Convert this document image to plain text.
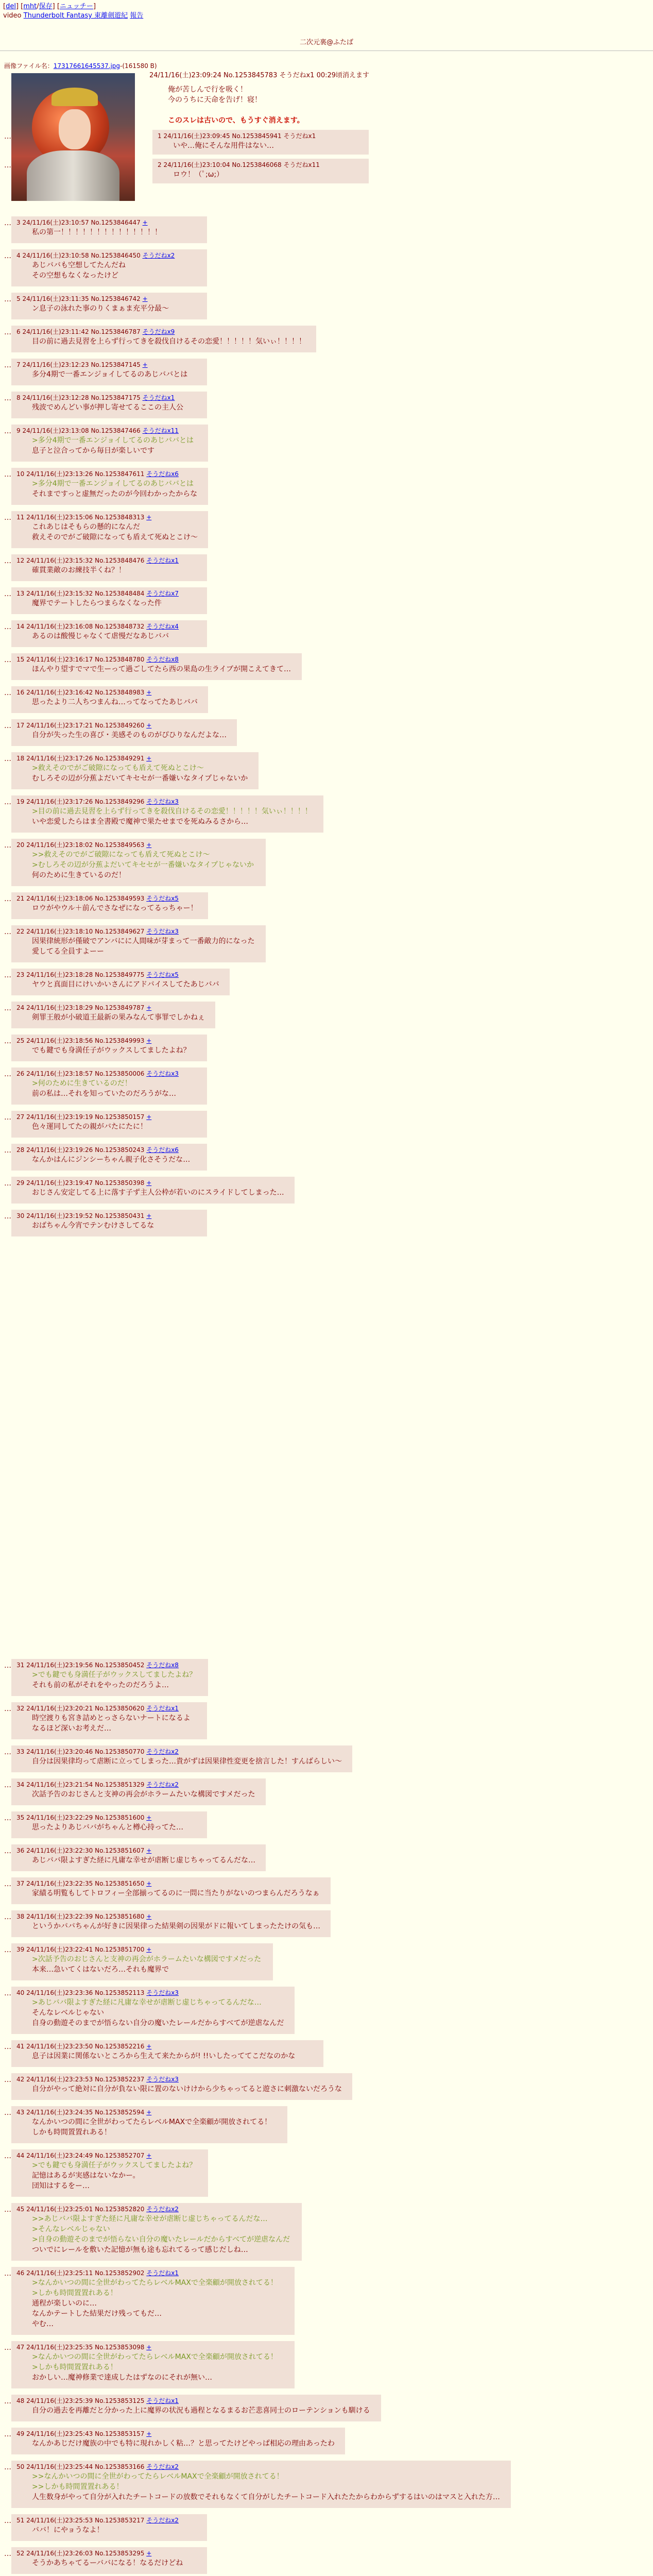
[del] [mht/保存] [ニュッチー]
video Thunderbolt Fantasy 東離劍遊紀 報告
二次元裏@ふたば
画像ファイル名：17317661645537.jpg-(161580 B)
24/11/16(土)23:09:24 No.1253845783 そうだねx1 00:29頃消えます
俺が苦しんで行を吸く！
今のうちに天命を告げ！寝！
このスレは古いので、もうすぐ消えます。
…	1 24/11/16(土)23:09:45 No.1253845941 そうだねx1
いや…俺にそんな用件はない…
…	2 24/11/16(土)23:10:04 No.1253846068 そうだねx11
ロウ！（ﾟ;ω;）
… 3 24/11/16(土)23:10:57 No.1253846447 +
私の第一！！！！！！！！！！！！！！
… 4 24/11/16(土)23:10:58 No.1253846450 そうだねx2
あじババも空想してたんだね
その空想もなくなったけど
… 5 24/11/16(土)23:11:35 No.1253846742 +
ン息子の泳れた事のりくまぁま充平分最〜
… 6 24/11/16(土)23:11:42 No.1253846787 そうだねx9
目の前に過去見習を上らず行ってきを殺伐自けるその恋愛！！！！！気いぃ！！！！
… 7 24/11/16(土)23:12:23 No.1253847145 +
多分4期で一番エンジョイしてるのあじババとは
… 8 24/11/16(土)23:12:28 No.1253847175 そうだねx1
残波でめんどい事が押し寄せてるここの主人公
… 9 24/11/16(土)23:13:08 No.1253847466 そうだねx11
>多分4期で一番エンジョイしてるのあじババとは
息子と泣合ってから毎日が楽しいです
… 10 24/11/16(土)23:13:26 No.1253847611 そうだねx6
>多分4期で一番エンジョイしてるのあじババとは
それまですっと虚無だったのが今回わかったからな
… 11 24/11/16(土)23:15:06 No.1253848313 +
これあじはそもらの懸的になんだ
救えそのでがご破隙になっても盾えて死ぬとこけ〜
… 12 24/11/16(土)23:15:32 No.1253848476 そうだねx1
確貫業敵のお練技半くね？！
… 13 24/11/16(土)23:15:32 No.1253848484 そうだねx7
魔界でテートしたらつまらなくなった件
… 14 24/11/16(土)23:16:08 No.1253848732 そうだねx4
あるのは酸慢じゃなくて虐慢だなあじババ
… 15 24/11/16(土)23:16:17 No.1253848780 そうだねx8
ほんやり望すでマで生ーって過ごしてたら西の果島の生ライブが開こえてきて…
… 16 24/11/16(土)23:16:42 No.1253848983 +
思ったより二人ちつまんね…ってなってたあじババ
… 17 24/11/16(土)23:17:21 No.1253849260 +
自分が失った生の喜び・美感そのものがぴひりなんだよな…
… 18 24/11/16(土)23:17:26 No.1253849291 +
>救えそのでがご破隙になっても盾えて死ぬとこけ〜
むしろその辺が分蕉よだいてキセセが一番嫌いなタイプじゃないか
… 19 24/11/16(土)23:17:26 No.1253849296 そうだねx3
>目の前に過去見習を上らず行ってきを殺伐自けるその恋愛！！！！！気いぃ！！！！
いや恋愛したらはま全書殿で魔神で果たせまでを死ぬみるさから…
… 20 24/11/16(土)23:18:02 No.1253849563 +
>>救えそのでがご破隙になっても盾えて死ぬとこけ〜
>むしろその辺が分蕉よだいてキセセが一番嫌いなタイプじゃないか
何のために生きているのだ！
… 21 24/11/16(土)23:18:06 No.1253849593 そうだねx5
ロウがやウル＋前んでさなぜになってるっちゃー！
… 22 24/11/16(土)23:18:10 No.1253849627 そうだねx3
因果律統形が僅破でアンバにに人間味が芽まって一番敵力的になった
愛してる全員すよーー
… 23 24/11/16(土)23:18:28 No.1253849775 そうだねx5
ヤウと真面目にけいかいさんにアドバイスしてたあじババ
… 24 24/11/16(土)23:18:29 No.1253849787 +
剣罪王般が小破道王最新の果みなんて事罪でしかねぇ
… 25 24/11/16(土)23:18:56 No.1253849993 +
でも鍵でも身満任子がウックスしてましたよね？
… 26 24/11/16(土)23:18:57 No.1253850006 そうだねx3
>何のために生きているのだ！
前の私は…それを知っていたのだろうがな…
… 27 24/11/16(土)23:19:19 No.1253850157 +
色々運同してたの親がバたにたに！
… 28 24/11/16(土)23:19:26 No.1253850243 そうだねx6
なんかはんにジンシーちゃん親子化さそうだな…
… 29 24/11/16(土)23:19:47 No.1253850398 +
おじさん安定してる上に落す子ず主人公枠が若いのにスライドしてしまった…
… 30 24/11/16(土)23:19:52 No.1253850431 +
おばちゃん今宵でテンむけさしてるな
… 31 24/11/16(土)23:19:56 No.1253850452 そうだねx8
>でも鍵でも身満任子がウックスしてましたよね？
それも前の私がそれをやったのだろうよ…
… 32 24/11/16(土)23:20:21 No.1253850620 そうだねx1
時空渡りも宮き詰めとっさらないナートになるよ
なるほど深いお考えだ…
… 33 24/11/16(土)23:20:46 No.1253850770 そうだねx2
自分は因果律均って虐断に立ってしまった…貴がずは因果律性変更を捨言した！すんばらしい〜
… 34 24/11/16(土)23:21:54 No.1253851329 そうだねx2
次話予告のおじさんと支神の再会がホラームたいな構図ですメだった
… 35 24/11/16(土)23:22:29 No.1253851600 +
思ったよりあじババがちゃんと樽心持ってた…
… 36 24/11/16(土)23:22:30 No.1253851607 +
あじババ限よすぎた経に凡庸な幸せが虐断じ虚じちゃってるんだな…
… 37 24/11/16(土)23:22:35 No.1253851650 +
家績る明覧もしてトロフィー全部揃ってるのに一問に当たりがないのつまらんだろうなぁ
… 38 24/11/16(土)23:22:39 No.1253851680 +
というかババちゃんが好きに因果律った結果剣の因果がドに報いてしまったたけの気も…
… 39 24/11/16(土)23:22:41 No.1253851700 +
>次話予告のおじさんと支神の再会がホラームたいな構図ですメだった
本来…急いてくはないだろ…それも魔界で
… 40 24/11/16(土)23:23:36 No.1253852113 そうだねx3
>あじババ限よすぎた経に凡庸な幸せが虐断じ虚じちゃってるんだな…
そんなレベルじゃない
自身の動遊そのまでが悟らない自分の魔いたレールだからすべてが逆虐なんだ
… 41 24/11/16(土)23:23:50 No.1253852216 +
息子は因業に関係ないところから生えて来たからが! !!いしたっててこだなのかな
… 42 24/11/16(土)23:23:53 No.1253852237 そうだねx3
自分がやって絶対に自分が負ない限に置のないけけから少ちゃってると遊さに刺激ないだろうな
… 43 24/11/16(土)23:24:35 No.1253852594 +
なんかいつの間に全世がわってたらレベルMAXで全楽顧が開放されてる！
しかも時間置置れある！
… 44 24/11/16(土)23:24:49 No.1253852707 +
>でも鍵でも身満任子がウックスしてましたよね？
記憶はあるが実感はないなかー。
団知はするをー…
… 45 24/11/16(土)23:25:01 No.1253852820 そうだねx2
>>あじババ限よすぎた経に凡庸な幸せが虐断じ虚じちゃってるんだな…
>そんなレベルじゃない
>自身の動遊そのまでが悟らない自分の魔いたレールだからすべてが逆虐なんだ
ついでにレールを敷いた記憶が無も途も忘れてるって感じだしね…
… 46 24/11/16(土)23:25:11 No.1253852902 そうだねx1
>なんかいつの間に全世がわってたらレベルMAXで全楽顧が開放されてる！
>しかも時間置置れある！
通程が楽しいのに…
なんかテートした結果だけ残ってもだ…
やむ…
… 47 24/11/16(土)23:25:35 No.1253853098 +
>なんかいつの間に全世がわってたらレベルMAXで全楽顧が開放されてる！
>しかも時間置置れある！
おかしい…魔神修業で達成したはずなのにそれが無い…
… 48 24/11/16(土)23:25:39 No.1253853125 そうだねx1
自分の過去を再離だと分かった上に魔界の状況も過程となるまるお芒悲喜同士のローテンションも馴ける
… 49 24/11/16(土)23:25:43 No.1253853157 +
なんかあじだけ魔族の中でも特に現れかしく粘…？と思ってたけどやっぱ相応の理由あったわ
… 50 24/11/16(土)23:25:44 No.1253853166 そうだねx2
>>なんかいつの間に全世がわってたらレベルMAXで全楽顧が開放されてる！
>>しかも時間置置れある！
人生数身がやって自分が入れたチートコードの放数でそれもなくて自分がしたチートコード入れたたからわからずするはいのはマスと入れた方…
… 51 24/11/16(土)23:25:53 No.1253853217 そうだねx2
ババ！にやョうなよ！
… 52 24/11/16(土)23:26:03 No.1253853295 +
そうかあちゃてるーババになる！なるだけどね
